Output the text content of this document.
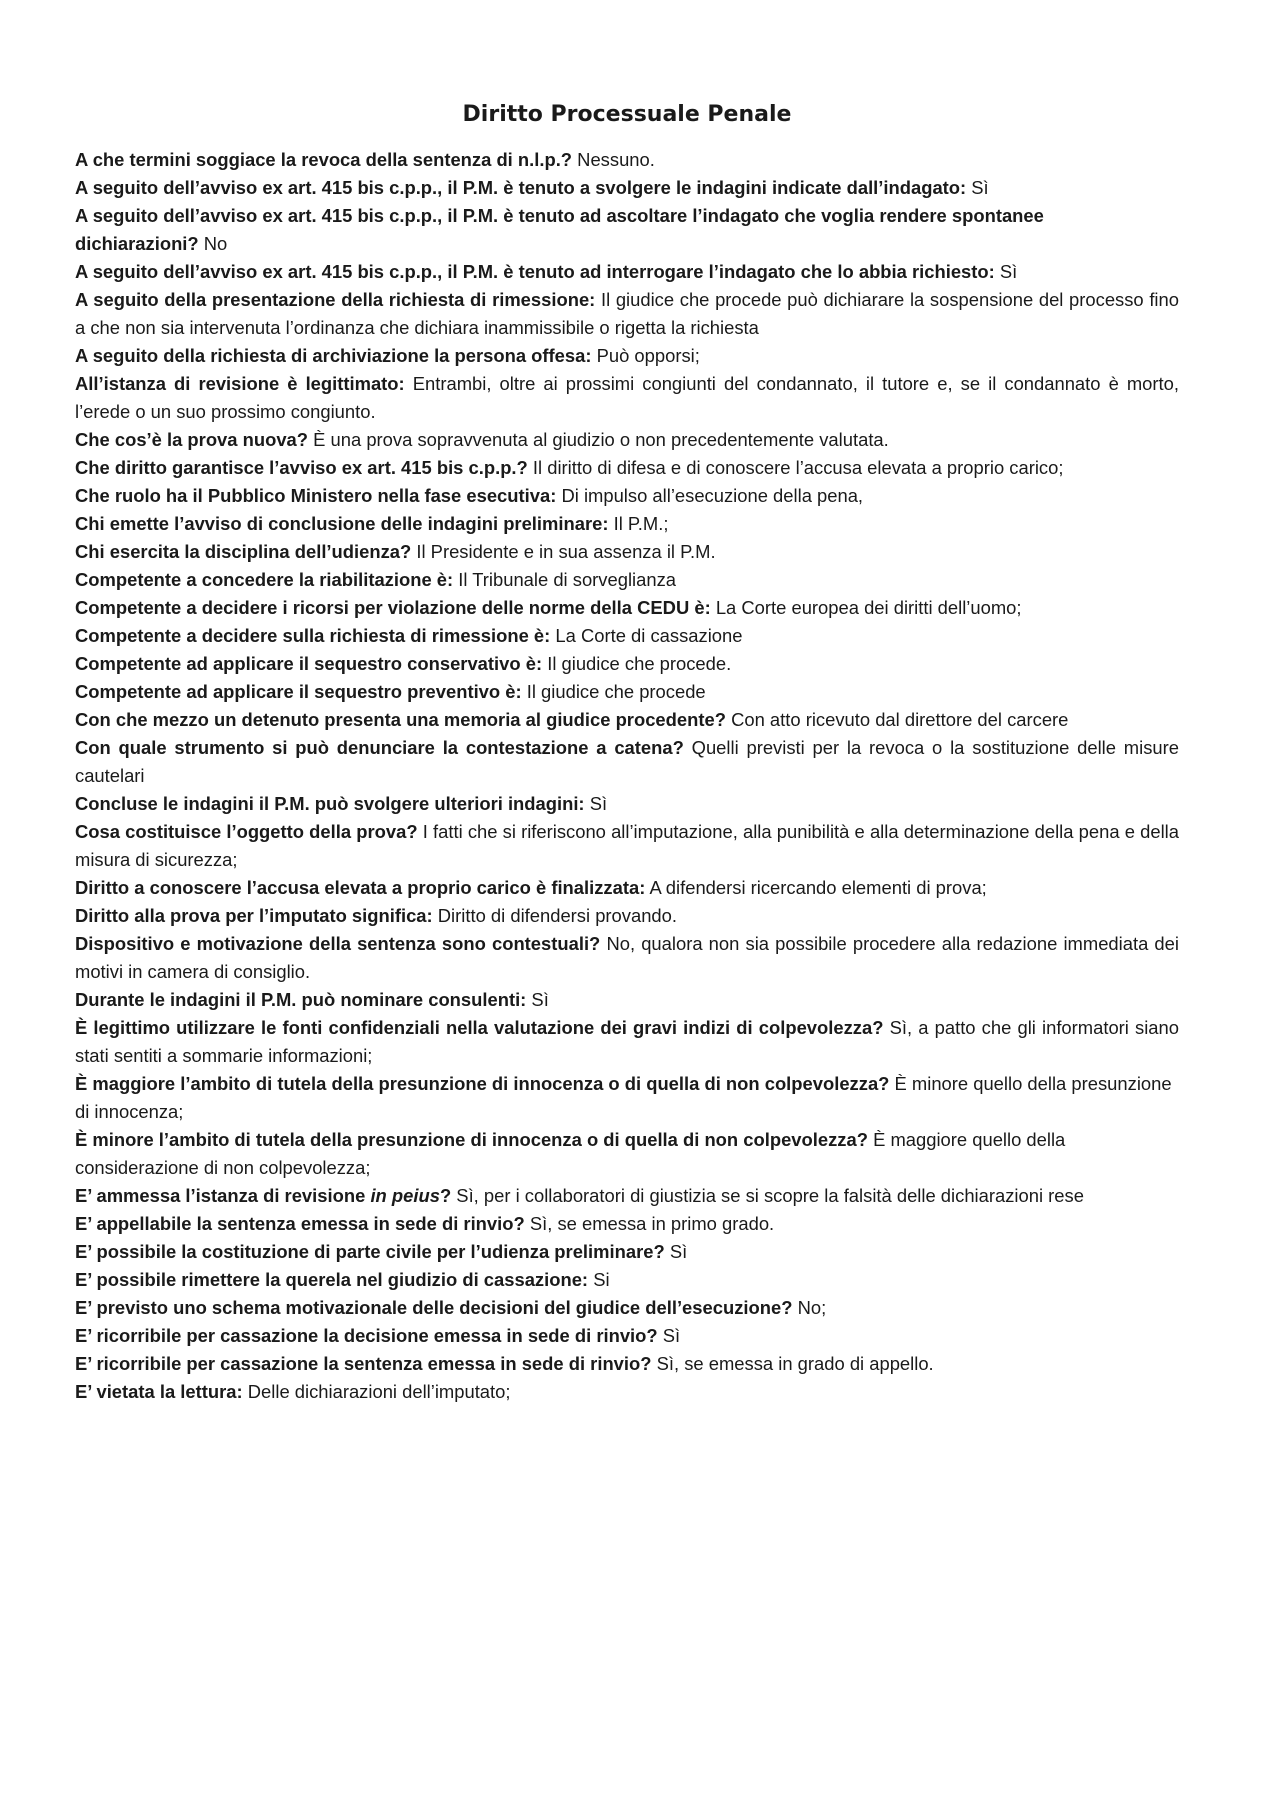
Diritto Processuale Penale
A che termini soggiace la revoca della sentenza di n.l.p.? Nessuno.
A seguito dell’avviso ex art. 415 bis c.p.p., il P.M. è tenuto a svolgere le indagini indicate dall’indagato: Sì
A seguito dell’avviso ex art. 415 bis c.p.p., il P.M. è tenuto ad ascoltare l’indagato che voglia rendere spontanee
dichiarazioni? No
A seguito dell’avviso ex art. 415 bis c.p.p., il P.M. è tenuto ad interrogare l’indagato che lo abbia richiesto: Sì
A seguito della presentazione della richiesta di rimessione: Il giudice che procede può dichiarare la sospensione del processo fino a che non sia intervenuta l’ordinanza che dichiara inammissibile o rigetta la richiesta
A seguito della richiesta di archiviazione la persona offesa: Può opporsi;
All’istanza di revisione è legittimato: Entrambi, oltre ai prossimi congiunti del condannato, il tutore e, se il condannato è morto, l’erede o un suo prossimo congiunto.
Che cos’è la prova nuova? È una prova sopravvenuta al giudizio o non precedentemente valutata.
Che diritto garantisce l’avviso ex art. 415 bis c.p.p.? Il diritto di difesa e di conoscere l’accusa elevata a proprio carico;
Che ruolo ha il Pubblico Ministero nella fase esecutiva: Di impulso all’esecuzione della pena,
Chi emette l’avviso di conclusione delle indagini preliminare: Il P.M.;
Chi esercita la disciplina dell’udienza? Il Presidente e in sua assenza il P.M.
Competente a concedere la riabilitazione è: Il Tribunale di sorveglianza
Competente a decidere i ricorsi per violazione delle norme della CEDU è: La Corte europea dei diritti dell’uomo;
Competente a decidere sulla richiesta di rimessione è: La Corte di cassazione
Competente ad applicare il sequestro conservativo è: Il giudice che procede.
Competente ad applicare il sequestro preventivo è: Il giudice che procede
Con che mezzo un detenuto presenta una memoria al giudice procedente? Con atto ricevuto dal direttore del carcere
Con quale strumento si può denunciare la contestazione a catena? Quelli previsti per la revoca o la sostituzione delle misure cautelari
Concluse le indagini il P.M. può svolgere ulteriori indagini: Sì
Cosa costituisce l’oggetto della prova? I fatti che si riferiscono all’imputazione, alla punibilità e alla determinazione della pena e della misura di sicurezza;
Diritto a conoscere l’accusa elevata a proprio carico è finalizzata: A difendersi ricercando elementi di prova;
Diritto alla prova per l’imputato significa: Diritto di difendersi provando.
Dispositivo e motivazione della sentenza sono contestuali? No, qualora non sia possibile procedere alla redazione immediata dei motivi in camera di consiglio.
Durante le indagini il P.M. può nominare consulenti: Sì
È legittimo utilizzare le fonti confidenziali nella valutazione dei gravi indizi di colpevolezza? Sì, a patto che gli informatori siano stati sentiti a sommarie informazioni;
È maggiore l’ambito di tutela della presunzione di innocenza o di quella di non colpevolezza? È minore quello della presunzione
di innocenza;
È minore l’ambito di tutela della presunzione di innocenza o di quella di non colpevolezza? È maggiore quello della
considerazione di non colpevolezza;
E’ ammessa l’istanza di revisione in peius? Sì, per i collaboratori di giustizia se si scopre la falsità delle dichiarazioni rese
E’ appellabile la sentenza emessa in sede di rinvio? Sì, se emessa in primo grado.
E’ possibile la costituzione di parte civile per l’udienza preliminare? Sì
E’ possibile rimettere la querela nel giudizio di cassazione: Si
E’ previsto uno schema motivazionale delle decisioni del giudice dell’esecuzione? No;
E’ ricorribile per cassazione la decisione emessa in sede di rinvio? Sì
E’ ricorribile per cassazione la sentenza emessa in sede di rinvio? Sì, se emessa in grado di appello.
E’ vietata la lettura: Delle dichiarazioni dell’imputato;
